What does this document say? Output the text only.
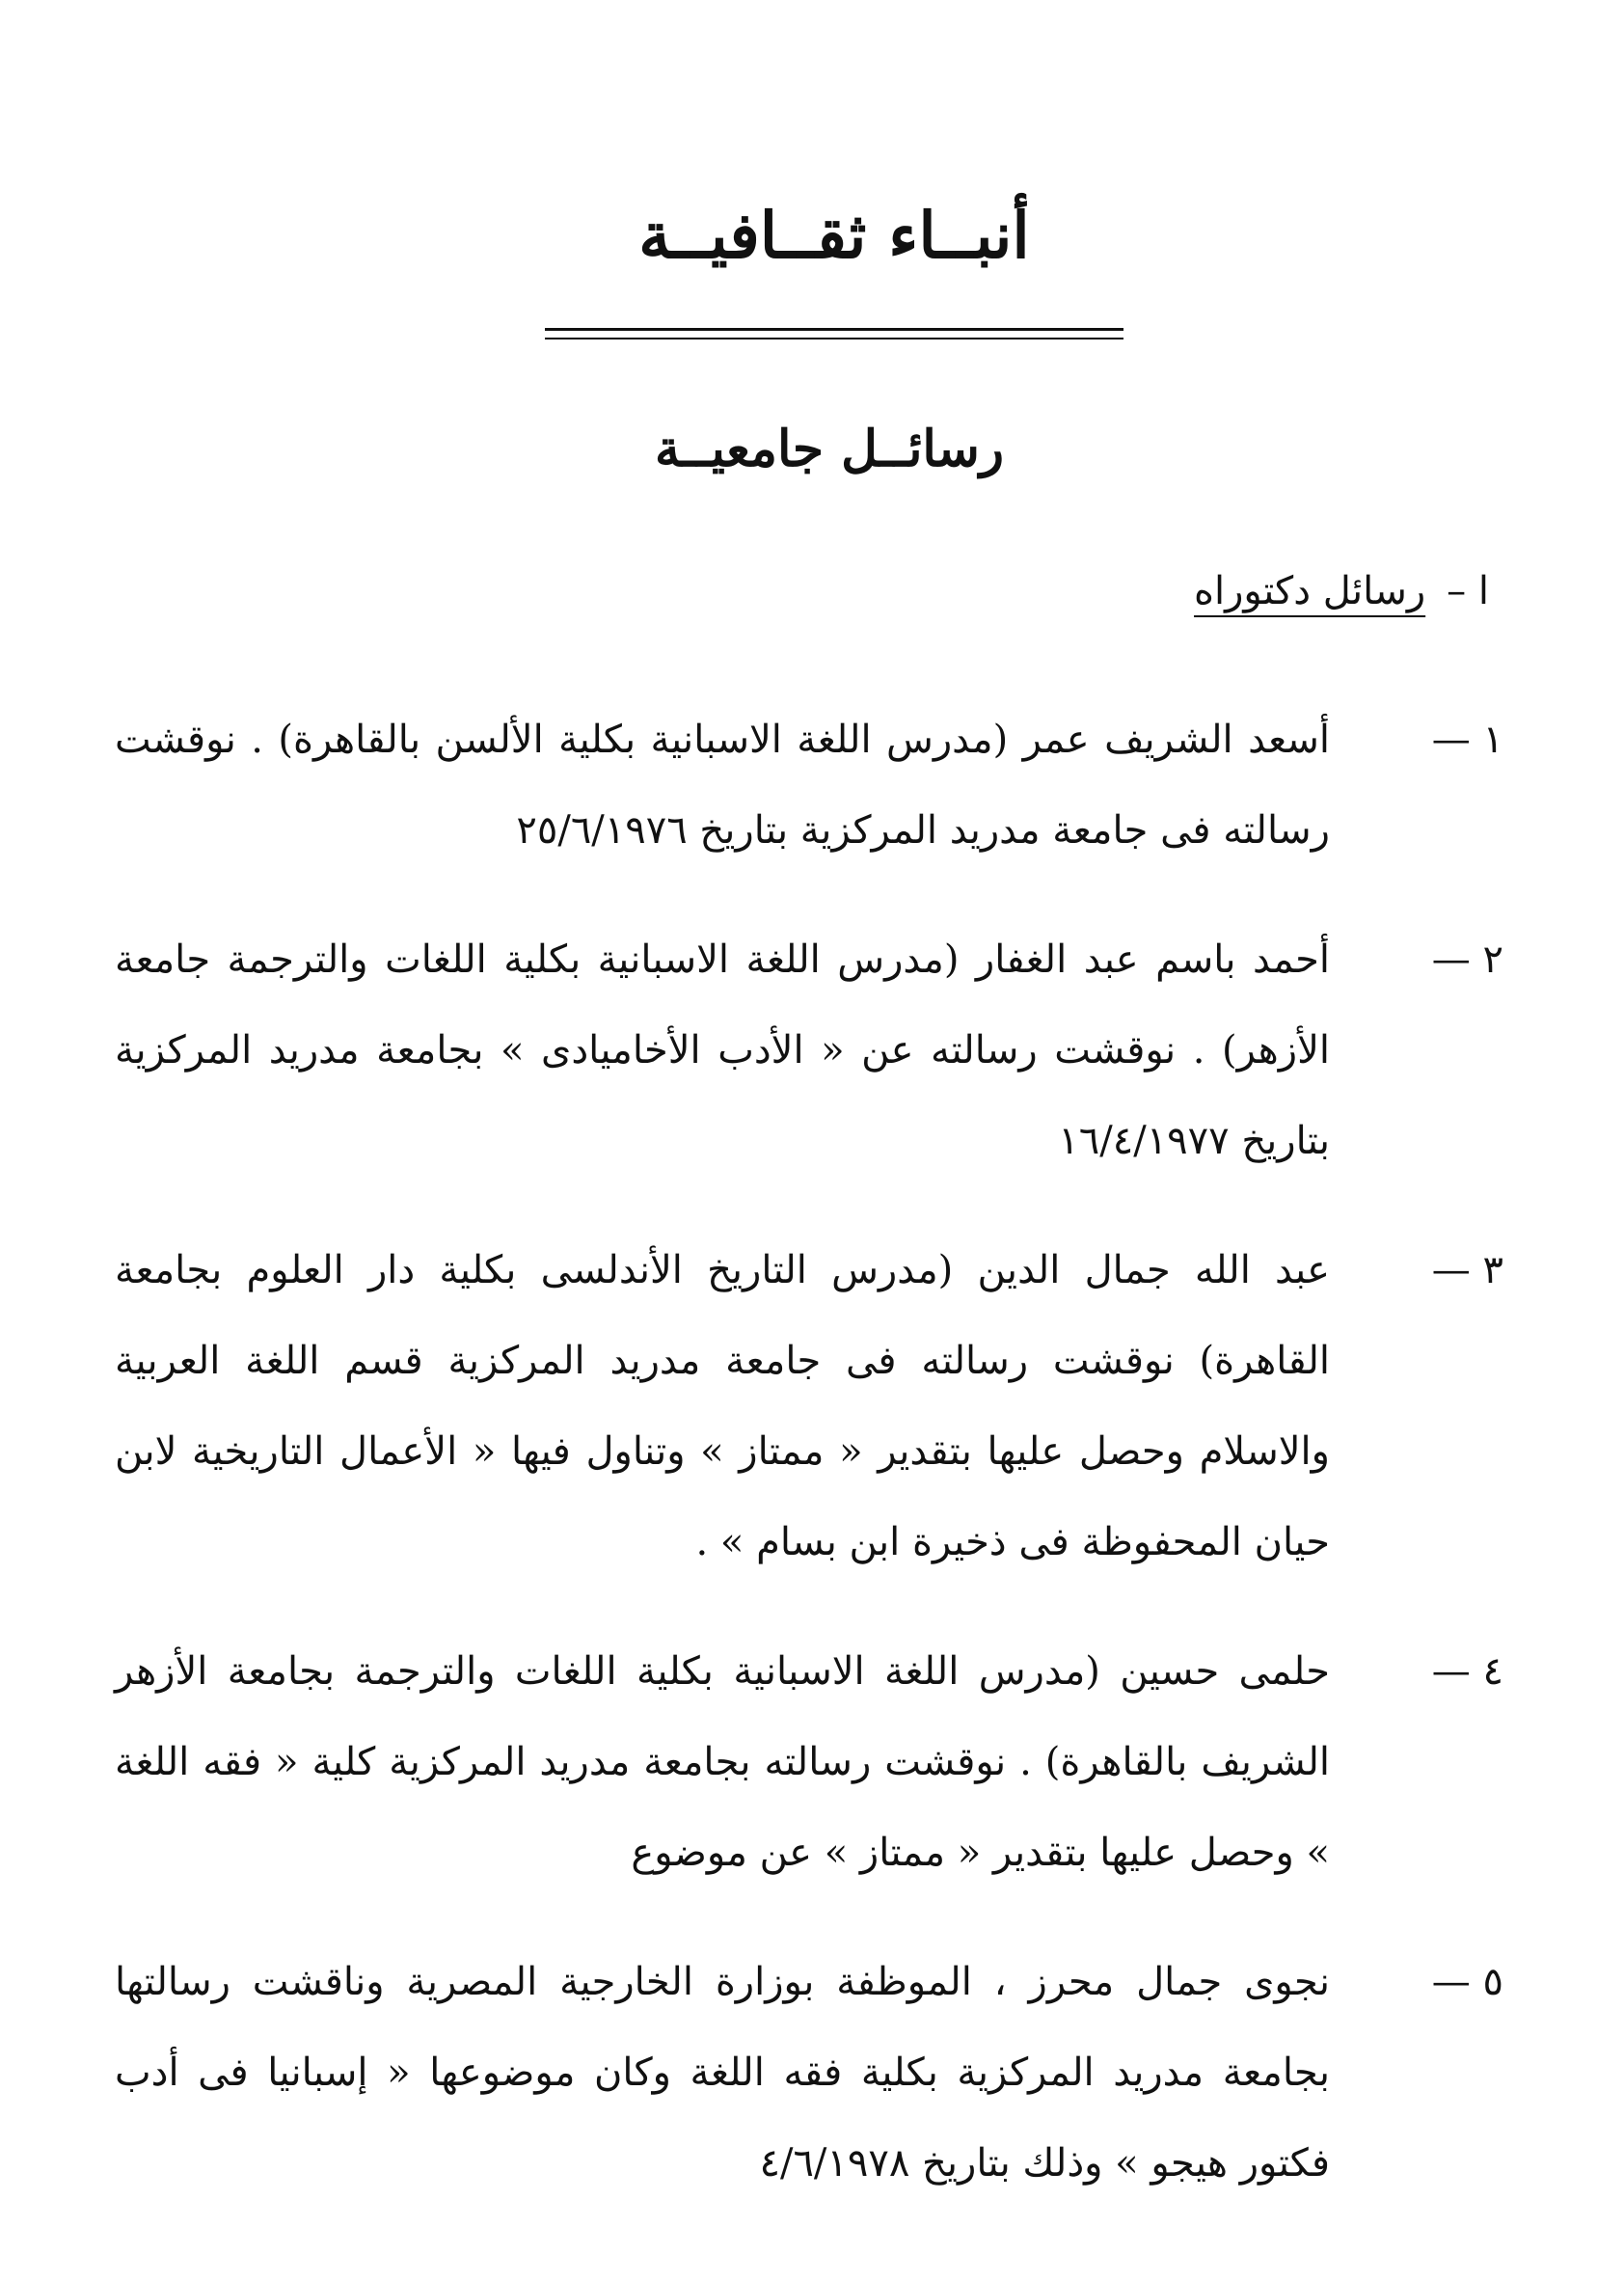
أنبــاء ثقــافيــة
رسائــل جامعيــة
ا –
رسائل دكتوراه
١ —
أسعد الشريف عمر (مدرس اللغة الاسبانية بكلية الألسن بالقاهرة) . نوقشت رسالته فى جامعة مدريد المركزية بتاريخ ٢٥/٦/١٩٧٦
٢ —
أحمد باسم عبد الغفار (مدرس اللغة الاسبانية بكلية اللغات والترجمة جامعة الأزهر) . نوقشت رسالته عن « الأدب الأخاميادى » بجامعة مدريد المركزية بتاريخ ١٦/٤/١٩٧٧
٣ —
عبد الله جمال الدين (مدرس التاريخ الأندلسى بكلية دار العلوم بجامعة القاهرة) نوقشت رسالته فى جامعة مدريد المركزية قسم اللغة العربية والاسلام وحصل عليها بتقدير « ممتاز » وتناول فيها « الأعمال التاريخية لابن حيان المحفوظة فى ذخيرة ابن بسام » .
٤ —
حلمى حسين (مدرس اللغة الاسبانية بكلية اللغات والترجمة بجامعة الأزهر الشريف بالقاهرة) . نوقشت رسالته بجامعة مدريد المركزية كلية « فقه اللغة » وحصل عليها بتقدير « ممتاز » عن موضوع
٥ —
نجوى جمال محرز ، الموظفة بوزارة الخارجية المصرية وناقشت رسالتها بجامعة مدريد المركزية بكلية فقه اللغة وكان موضوعها « إسبانيا فى أدب فكتور هيجو » وذلك بتاريخ ٤/٦/١٩٧٨
